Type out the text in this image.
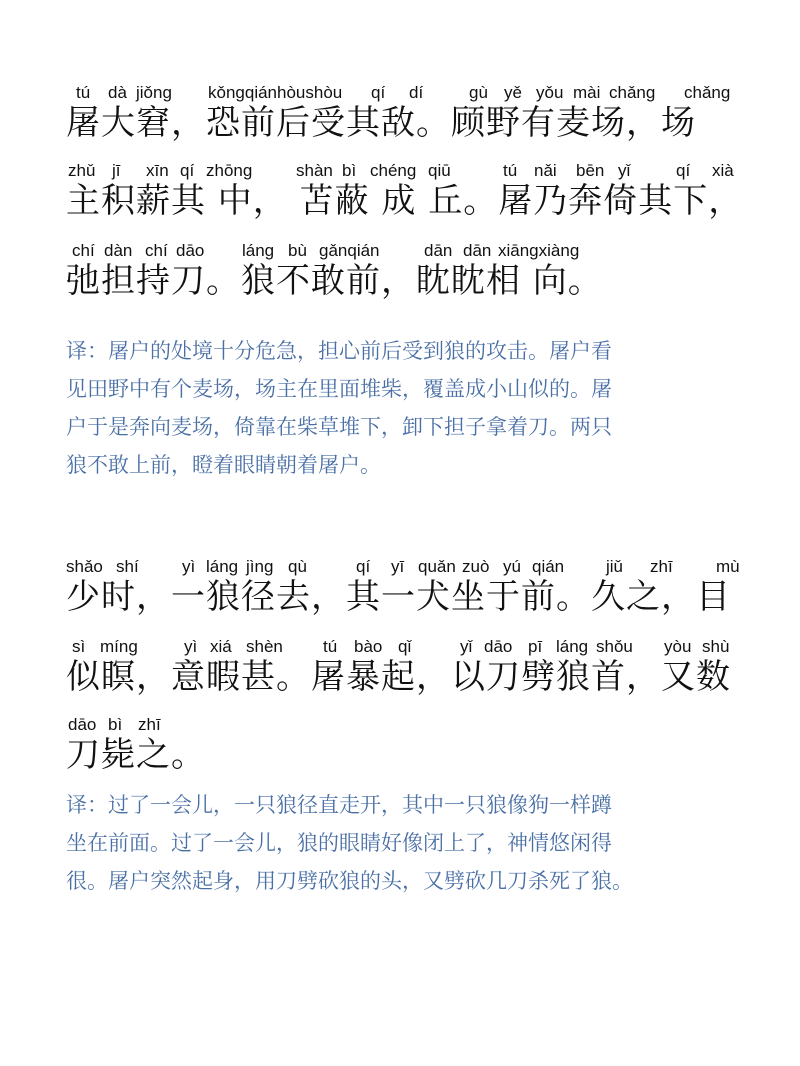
tú dà jiǒng kǒngqiánhòushòu qí dí	gù yě yǒu mài chǎng chǎng
屠大窘，恐前后受其敌。顾野有麦场，场
zhǔ jī xīn qí zhōng	shàn bì chéng qiū	tú nǎi bēn yǐ	qí xià
主积薪其 中， 苫蔽 成 丘。屠乃奔倚其下，
chí dàn chí dāo láng bù gǎnqián	dān dān xiāngxiàng
弛担持刀。狼不敢前，眈眈相 向。

译：屠户的处境十分危急，担心前后受到狼的攻击。屠户看

见田野中有个麦场，场主在里面堆柴，覆盖成小山似的。屠

户于是奔向麦场，倚靠在柴草堆下，卸下担子拿着刀。两只

狼不敢上前，瞪着眼睛朝着屠户。

shǎo shí	yì láng jìng qù	qí yī quǎn zuò yú qián jiǔ zhī	mù
少时，一狼径去，其一犬坐于前。久之，目
sì míng	yì xiá shèn tú bào qǐ	yǐ dāo pī láng shǒu yòu shù
似瞑，意暇甚。屠暴起，以刀劈狼首，又数
dāo bì zhī
刀毙之。

译：过了一会儿，一只狼径直走开，其中一只狼像狗一样蹲

坐在前面。过了一会儿，狼的眼睛好像闭上了，神情悠闲得

很。屠户突然起身，用刀劈砍狼的头，又劈砍几刀杀死了狼。
